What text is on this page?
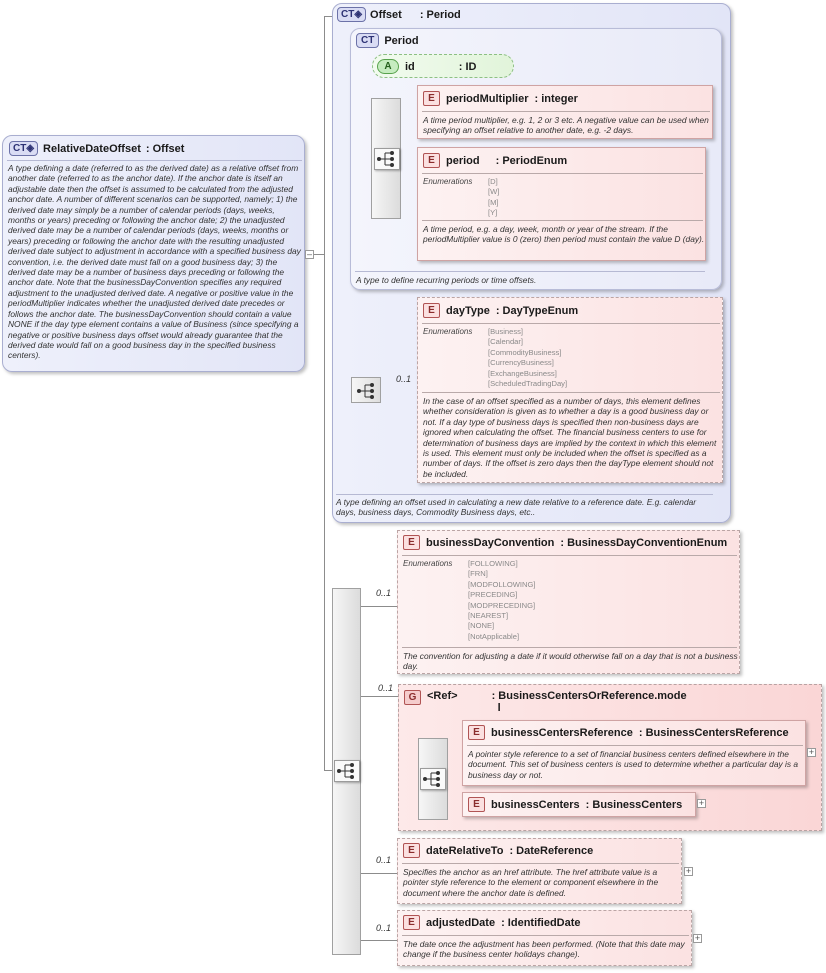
CT◈ RelativeDateOffset : Offset
A type defining a date (referred to as the derived date) as a relative offset from another date (referred to as the anchor date). If the anchor date is itself an adjustable date then the offset is assumed to be calculated from the adjusted anchor date. A number of different scenarios can be supported, namely; 1) the derived date may simply be a number of calendar periods (days, weeks, months or years) preceding or following the anchor date; 2) the unadjusted derived date may be a number of calendar periods (days, weeks, months or years) preceding or following the anchor date with the resulting unadjusted derived date subject to adjustment in accordance with a specified business day convention, i.e. the derived date must fall on a good business day; 3) the derived date may be a number of business days preceding or following the anchor date. Note that the businessDayConvention specifies any required adjustment to the unadjusted derived date. A negative or positive value in the periodMultiplier indicates whether the unadjusted derived date precedes or follows the anchor date. The businessDayConvention should contain a value NONE if the day type element contains a value of Business (since specifying a negative or positive business days offset would already guarantee that the derived date would fall on a good business day in the specified business centers).
–
CT◈ Offset : Period
A type defining an offset used in calculating a new date relative to a reference date. E.g. calendar days, business days, Commodity Business days, etc..
CT Period
A type to define recurring periods or time offsets.
A	id	: ID
E	periodMultiplier : integer
A time period multiplier, e.g. 1, 2 or 3 etc. A negative value can be used when specifying an offset relative to another date, e.g. -2 days.
E	period : PeriodEnum
Enumerations [D]
[W]
[M]
[Y]
A time period, e.g. a day, week, month or year of the stream. If the periodMultiplier value is 0 (zero) then period must contain the value D (day).
0..1
E	dayType : DayTypeEnum
Enumerations [Business]
[Calendar]
[CommodityBusiness]
[CurrencyBusiness]
[ExchangeBusiness]
[ScheduledTradingDay]
In the case of an offset specified as a number of days, this element defines whether consideration is given as to whether a day is a good business day or not. If a day type of business days is specified then non-business days are ignored when calculating the offset. The financial business centers to use for determination of business days are implied by the context in which this element is used. This element must only be included when the offset is specified as a number of days. If the offset is zero days then the dayType element should not be included.
0..1
E	businessDayConvention : BusinessDayConventionEnum
Enumerations [FOLLOWING]
[FRN]
[MODFOLLOWING]
[PRECEDING]
[MODPRECEDING]
[NEAREST]
[NONE]
[NotApplicable]
The convention for adjusting a date if it would otherwise fall on a day that is not a business day.
0..1
G <Ref>	: BusinessCentersOrReference.mode
l
E	businessCentersReference : BusinessCentersReference
A pointer style reference to a set of financial business centers defined elsewhere in the document. This set of business centers is used to determine whether a particular day is a business day or not.
+
E	businessCenters : BusinessCenters +
0..1
E	dateRelativeTo : DateReference
Specifies the anchor as an href attribute. The href attribute value is a pointer style reference to the element or component elsewhere in the document where the anchor date is defined.
+
0..1	E	adjustedDate : IdentifiedDate
The date once the adjustment has been performed. (Note that this date may change if the business center holidays change).
+
